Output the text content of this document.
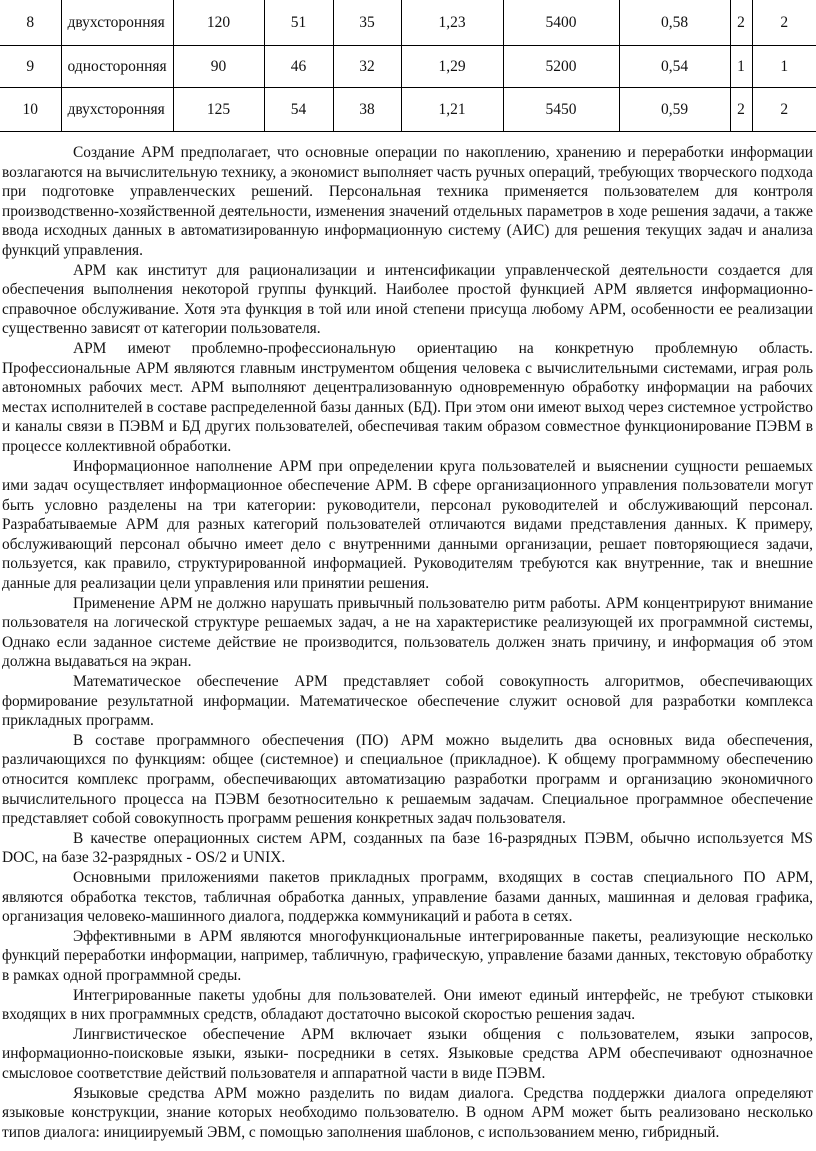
8	двухсторонняя	120	51	35	1,23	5400	0,58	2	2
9	односторонняя	90	46	32	1,29	5200	0,54	1	1
10	двухсторонняя	125	54	38	1,21	5450	0,59	2	2

Создание АРМ предполагает, что основные операции по накоплению, хранению и переработки информации возлагаются на вычислительную технику, а экономист выполняет часть ручных операций, требующих творческого подхода при подготовке управленческих решений. Персональная техника применяется пользователем для контроля производственно-хозяйственной деятельности, изменения значений отдельных параметров в ходе решения задачи, а также ввода исходных данных в автоматизированную информационную систему (АИС) для решения текущих задач и анализа функций управления.

АРМ как институт для рационализации и интенсификации управленческой деятельности создается для обеспечения выполнения некоторой группы функций. Наиболее простой функцией АРМ является информационно-справочное обслуживание. Хотя эта функция в той или иной степени присуща любому АРМ, особенности ее реализации существенно зависят от категории пользователя.

АРМ имеют проблемно-профессиональную ориентацию на конкретную проблемную область. Профессиональные АРМ являются главным инструментом общения человека с вычислительными системами, играя роль автономных рабочих мест. АРМ выполняют децентрализованную одновременную обработку информации на рабочих местах исполнителей в составе распределенной базы данных (БД). При этом они имеют выход через системное устройство и каналы связи в ПЭВМ и БД других пользователей, обеспечивая таким образом совместное функционирование ПЭВМ в процессе коллективной обработки.

Информационное наполнение АРМ при определении круга пользователей и выяснении сущности решаемых ими задач осуществляет информационное обеспечение АРМ. В сфере организационного управления пользователи могут быть условно разделены на три категории: руководители, персонал руководителей и обслуживающий персонал. Разрабатываемые АРМ для разных категорий пользователей отличаются видами представления данных. К примеру, обслуживающий персонал обычно имеет дело с внутренними данными организации, решает повторяющиеся задачи, пользуется, как правило, структурированной информацией. Руководителям требуются как внутренние, так и внешние данные для реализации цели управления или принятии решения.

Применение АРМ не должно нарушать привычный пользователю ритм работы. АРМ концентрируют внимание пользователя на логической структуре решаемых задач, а не на характеристике реализующей их программной системы, Однако если заданное системе действие не производится, пользователь должен знать причину, и информация об этом должна выдаваться на экран.

Математическое обеспечение АРМ представляет собой совокупность алгоритмов, обеспечивающих формирование результатной информации. Математическое обеспечение служит основой для разработки комплекса прикладных программ.

В составе программного обеспечения (ПО) АРМ можно выделить два основных вида обеспечения, различающихся по функциям: общее (системное) и специальное (прикладное). К общему программному обеспечению относится комплекс программ, обеспечивающих автоматизацию разработки программ и организацию экономичного вычислительного процесса на ПЭВМ безотносительно к решаемым задачам. Специальное программное обеспечение представляет собой совокупность программ решения конкретных задач пользователя.

В качестве операционных систем АРМ, созданных па базе 16-разрядных ПЭВМ, обычно используется MS DOC, на базе 32-разрядных - OS/2 и UNIX.

Основными приложениями пакетов прикладных программ, входящих в состав специального ПО АРМ, являются обработка текстов, табличная обработка данных, управление базами данных, машинная и деловая графика, организация человеко-машинного диалога, поддержка коммуникаций и работа в сетях.

Эффективными в АРМ являются многофункциональные интегрированные пакеты, реализующие несколько функций переработки информации, например, табличную, графическую, управление базами данных, текстовую обработку в рамках одной программной среды.

Интегрированные пакеты удобны для пользователей. Они имеют единый интерфейс, не требуют стыковки входящих в них программных средств, обладают достаточно высокой скоростью решения задач.

Лингвистическое обеспечение АРМ включает языки общения с пользователем, языки запросов, информационно-поисковые языки, языки- посредники в сетях. Языковые средства АРМ обеспечивают однозначное смысловое соответствие действий пользователя и аппаратной части в виде ПЭВМ.

Языковые средства АРМ можно разделить по видам диалога. Средства поддержки диалога определяют языковые конструкции, знание которых необходимо пользователю. В одном АРМ может быть реализовано несколько типов диалога: инициируемый ЭВМ, с помощью заполнения шаблонов, с использованием меню, гибридный.
